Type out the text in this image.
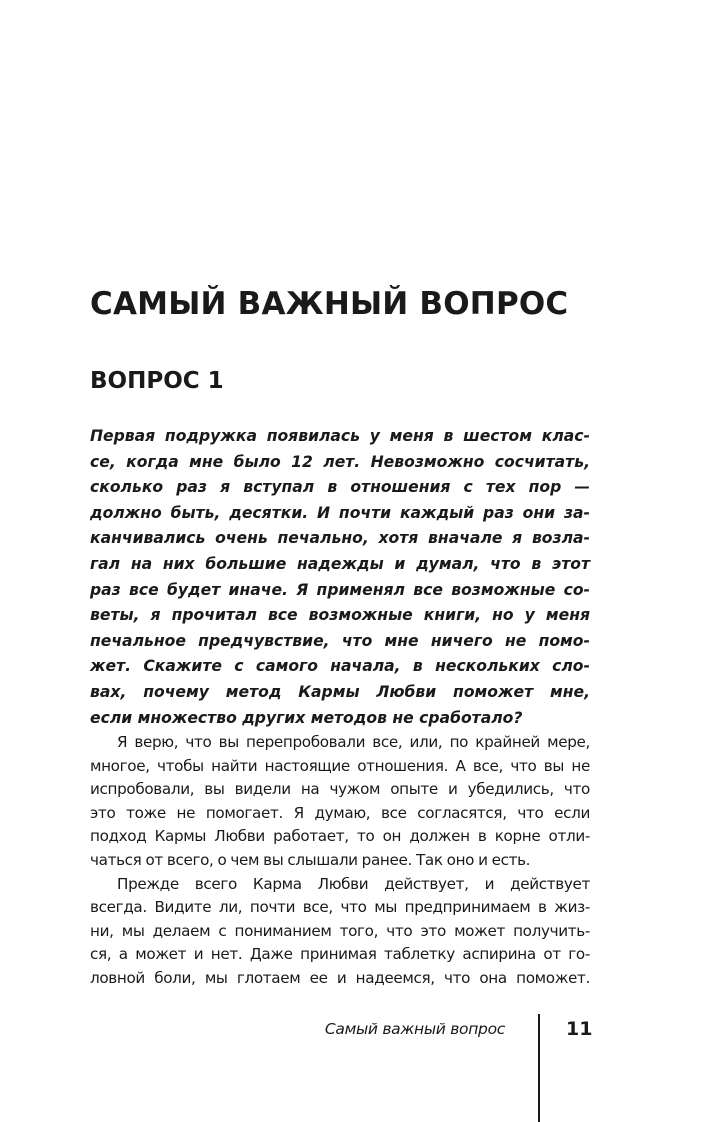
САМЫЙ ВАЖНЫЙ ВОПРОС
ВОПРОС 1
Первая подружка появилась у меня в шестом клас-
се, когда мне было 12 лет. Невозможно сосчитать,
сколько раз я вступал в отношения с тех пор —
должно быть, десятки. И почти каждый раз они за-
канчивались очень печально, хотя вначале я возла-
гал на них большие надежды и думал, что в этот
раз все будет иначе. Я применял все возможные со-
веты, я прочитал все возможные книги, но у меня
печальное предчувствие, что мне ничего не помо-
жет. Скажите с самого начала, в нескольких сло-
вах, почему метод Кармы Любви поможет мне,
если множество других методов не сработало?
Я верю, что вы перепробовали все, или, по крайней мере,
многое, чтобы найти настоящие отношения. А все, что вы не
испробовали, вы видели на чужом опыте и убедились, что
это тоже не помогает. Я думаю, все согласятся, что если
подход Кармы Любви работает, то он должен в корне отли-
чаться от всего, о чем вы слышали ранее. Так оно и есть.
Прежде всего Карма Любви действует, и действует
всегда. Видите ли, почти все, что мы предпринимаем в жиз-
ни, мы делаем с пониманием того, что это может получить-
ся, а может и нет. Даже принимая таблетку аспирина от го-
ловной боли, мы глотаем ее и надеемся, что она поможет.
Самый важный вопрос	11
